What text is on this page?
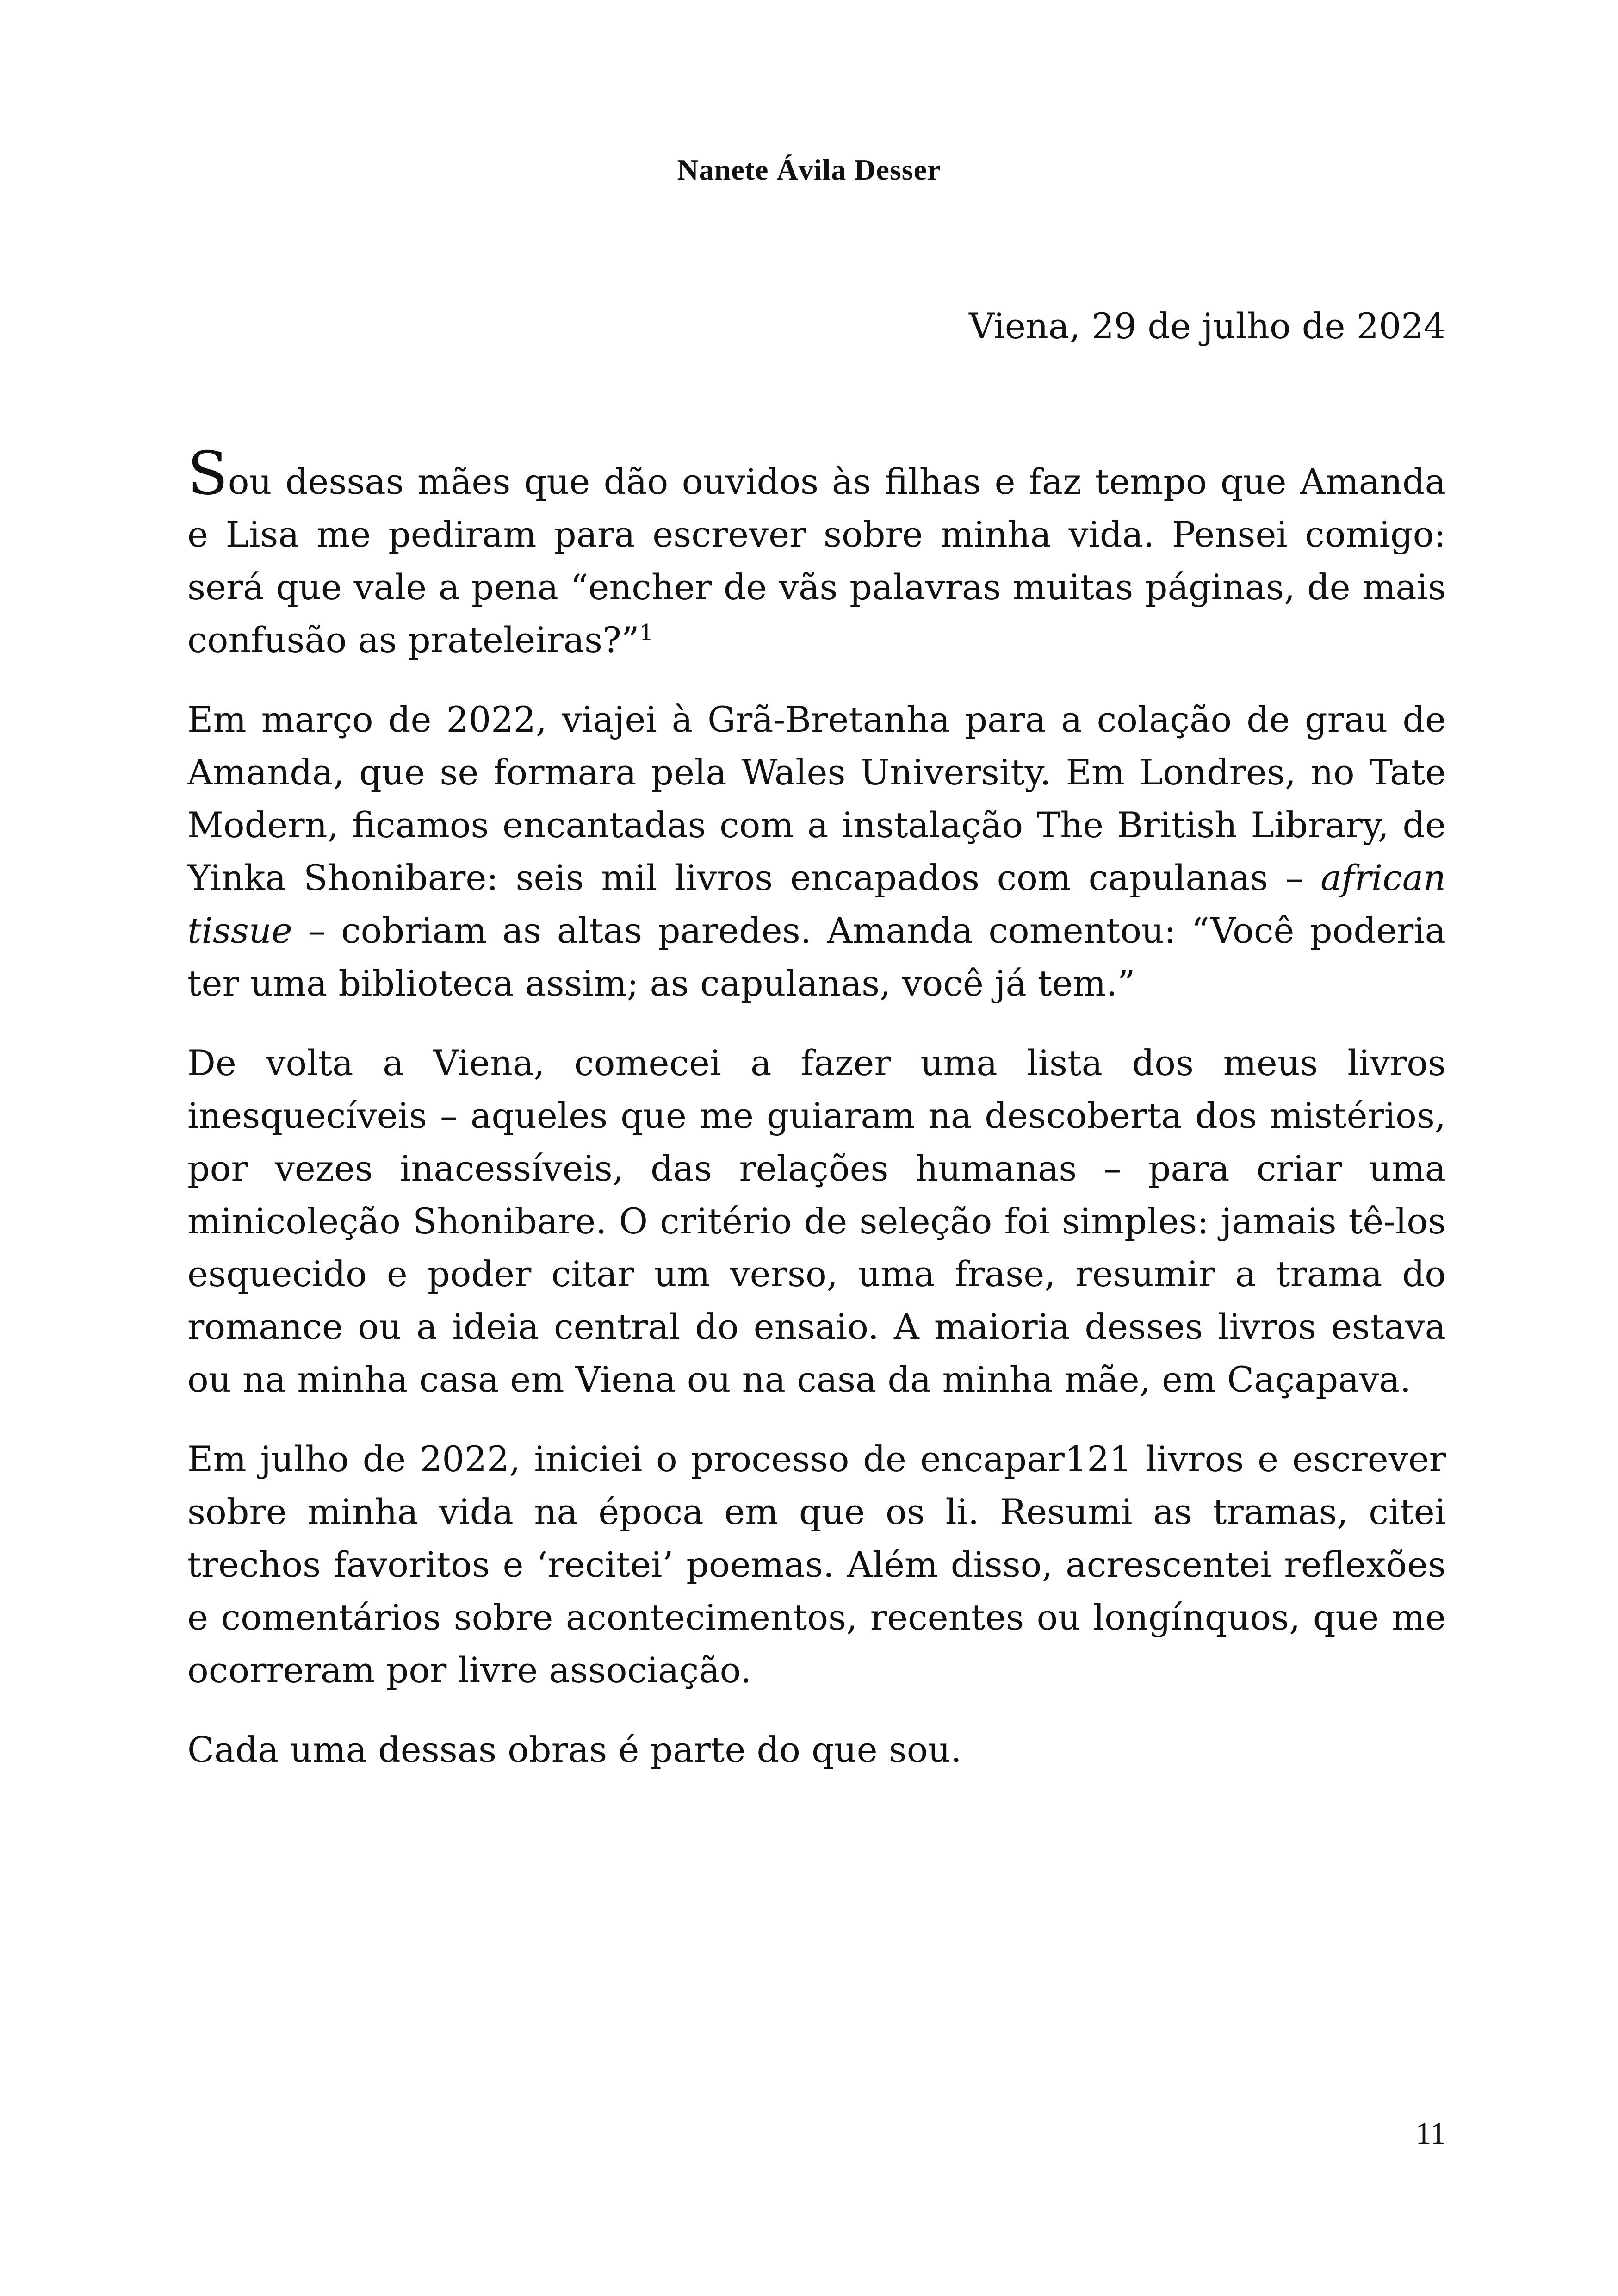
Nanete Ávila Desser
Viena, 29 de julho de 2024

Sou dessas mães que dão ouvidos às filhas e faz tempo que Amanda e Lisa me pediram para escrever sobre minha vida. Pensei comigo: será que vale a pena “encher de vãs palavras muitas páginas, de mais confusão as prateleiras?”$^1$

Em março de 2022, viajei à Grã-Bretanha para a colação de grau de Amanda, que se formara pela Wales University. Em Londres, no Tate Modern, ficamos encantadas com a instalação The British Library, de Yinka Shonibare: seis mil livros encapados com capulanas – african tissue – cobriam as altas paredes. Amanda comentou: “Você poderia ter uma biblioteca assim; as capulanas, você já tem.”

De volta a Viena, comecei a fazer uma lista dos meus livros inesquecíveis – aqueles que me guiaram na descoberta dos mistérios, por vezes inacessíveis, das relações humanas – para criar uma minicoleção Shonibare. O critério de seleção foi simples: jamais tê-los esquecido e poder citar um verso, uma frase, resumir a trama do romance ou a ideia central do ensaio. A maioria desses livros estava ou na minha casa em Viena ou na casa da minha mãe, em Caçapava.

Em julho de 2022, iniciei o processo de encapar121 livros e escrever sobre minha vida na época em que os li. Resumi as tramas, citei trechos favoritos e ‘recitei’ poemas. Além disso, acrescentei reflexões e comentários sobre acontecimentos, recentes ou longínquos, que me ocorreram por livre associação.

Cada uma dessas obras é parte do que sou.

11
